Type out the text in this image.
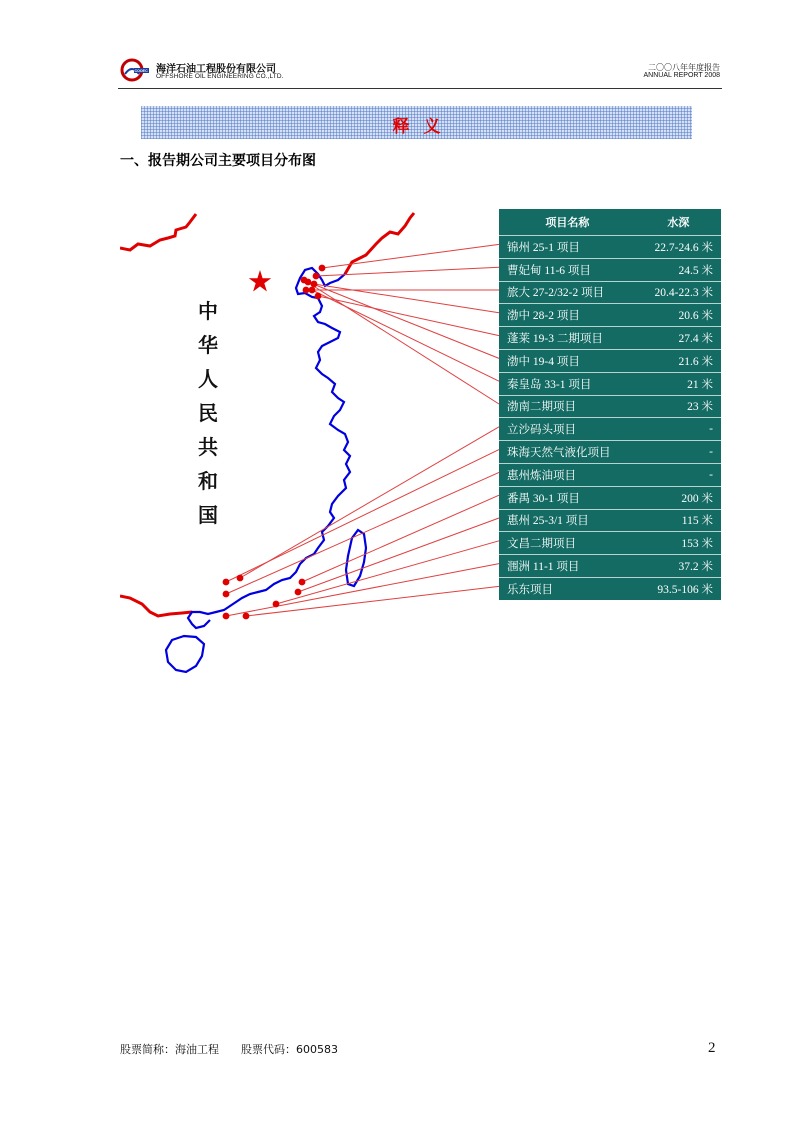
COOEC 海洋石油工程股份有限公司
OFFSHORE OIL ENGINEERING CO.,LTD.
二〇〇八年年度报告
ANNUAL REPORT 2008
释义
一、报告期公司主要项目分布图
中
华
人
民
共
和
国
项目名称	水深
锦州 25-1 项目	22.7-24.6 米
曹妃甸 11-6 项目	24.5 米
旅大 27-2/32-2 项目	20.4-22.3 米
渤中 28-2 项目	20.6 米
蓬莱 19-3 二期项目	27.4 米
渤中 19-4 项目	21.6 米
秦皇岛 33-1 项目	21 米
渤南二期项目	23 米
立沙码头项目	-
珠海天然气液化项目	-
惠州炼油项目	-
番禺 30-1 项目	200 米
惠州 25-3/1 项目	115 米
文昌二期项目	153 米
涠洲 11-1 项目	37.2 米
乐东项目	93.5-106 米
股票简称：海油工程　　股票代码：600583	2
